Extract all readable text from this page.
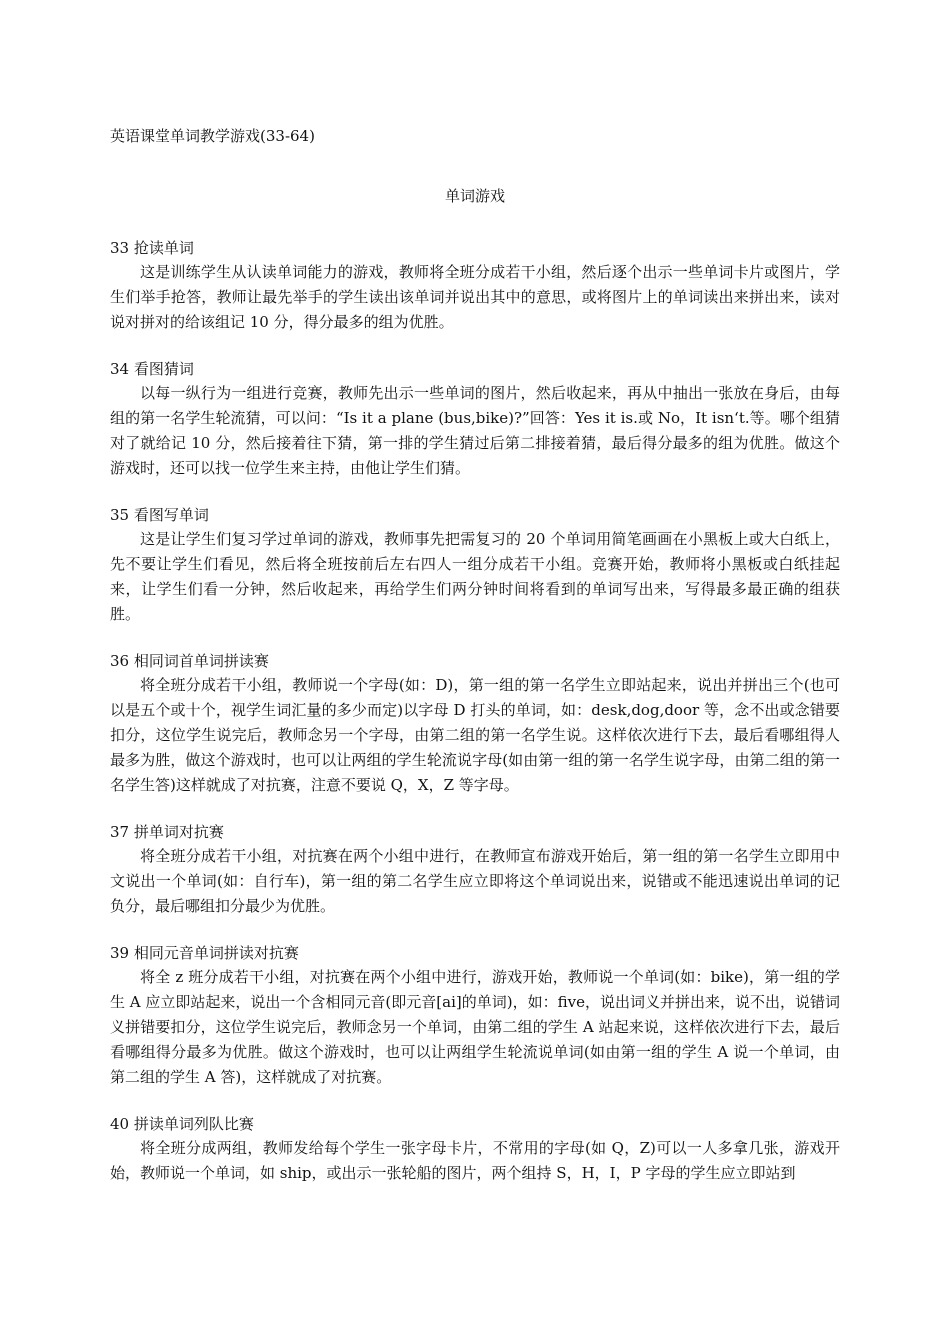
英语课堂单词教学游戏(33-64)

单词游戏

33 抢读单词

这是训练学生从认读单词能力的游戏，教师将全班分成若干小组，然后逐个出示一些单词卡片或图片，学生们举手抢答，教师让最先举手的学生读出该单词并说出其中的意思，或将图片上的单词读出来拼出来，读对说对拼对的给该组记 10 分，得分最多的组为优胜。

34 看图猜词

以每一纵行为一组进行竞赛，教师先出示一些单词的图片，然后收起来，再从中抽出一张放在身后，由每组的第一名学生轮流猜，可以问：“Is it a plane (bus,bike)?”回答：Yes it is.或 No，It isn‘t.等。哪个组猜对了就给记 10 分，然后接着往下猜，第一排的学生猜过后第二排接着猜，最后得分最多的组为优胜。做这个游戏时，还可以找一位学生来主持，由他让学生们猜。

35 看图写单词

这是让学生们复习学过单词的游戏，教师事先把需复习的 20 个单词用简笔画画在小黑板上或大白纸上，先不要让学生们看见，然后将全班按前后左右四人一组分成若干小组。竞赛开始，教师将小黑板或白纸挂起来，让学生们看一分钟，然后收起来，再给学生们两分钟时间将看到的单词写出来，写得最多最正确的组获胜。

36 相同词首单词拼读赛

将全班分成若干小组，教师说一个字母(如：D)，第一组的第一名学生立即站起来，说出并拼出三个(也可以是五个或十个，视学生词汇量的多少而定)以字母 D 打头的单词，如：desk,dog,door 等，念不出或念错要扣分，这位学生说完后，教师念另一个字母，由第二组的第一名学生说。这样依次进行下去，最后看哪组得人最多为胜，做这个游戏时，也可以让两组的学生轮流说字母(如由第一组的第一名学生说字母，由第二组的第一名学生答)这样就成了对抗赛，注意不要说 Q，X，Z 等字母。

37 拼单词对抗赛

将全班分成若干小组，对抗赛在两个小组中进行，在教师宣布游戏开始后，第一组的第一名学生立即用中文说出一个单词(如：自行车)，第一组的第二名学生应立即将这个单词说出来，说错或不能迅速说出单词的记负分，最后哪组扣分最少为优胜。

39 相同元音单词拼读对抗赛

将全 z 班分成若干小组，对抗赛在两个小组中进行，游戏开始，教师说一个单词(如：bike)，第一组的学生 A 应立即站起来，说出一个含相同元音(即元音[ai]的单词)，如：five，说出词义并拼出来，说不出，说错词义拼错要扣分，这位学生说完后，教师念另一个单词，由第二组的学生 A 站起来说，这样依次进行下去，最后看哪组得分最多为优胜。做这个游戏时，也可以让两组学生轮流说单词(如由第一组的学生 A 说一个单词，由第二组的学生 A 答)，这样就成了对抗赛。

40 拼读单词列队比赛

将全班分成两组，教师发给每个学生一张字母卡片，不常用的字母(如 Q，Z)可以一人多拿几张，游戏开始，教师说一个单词，如 ship，或出示一张轮船的图片，两个组持 S，H，I，P 字母的学生应立即站到
